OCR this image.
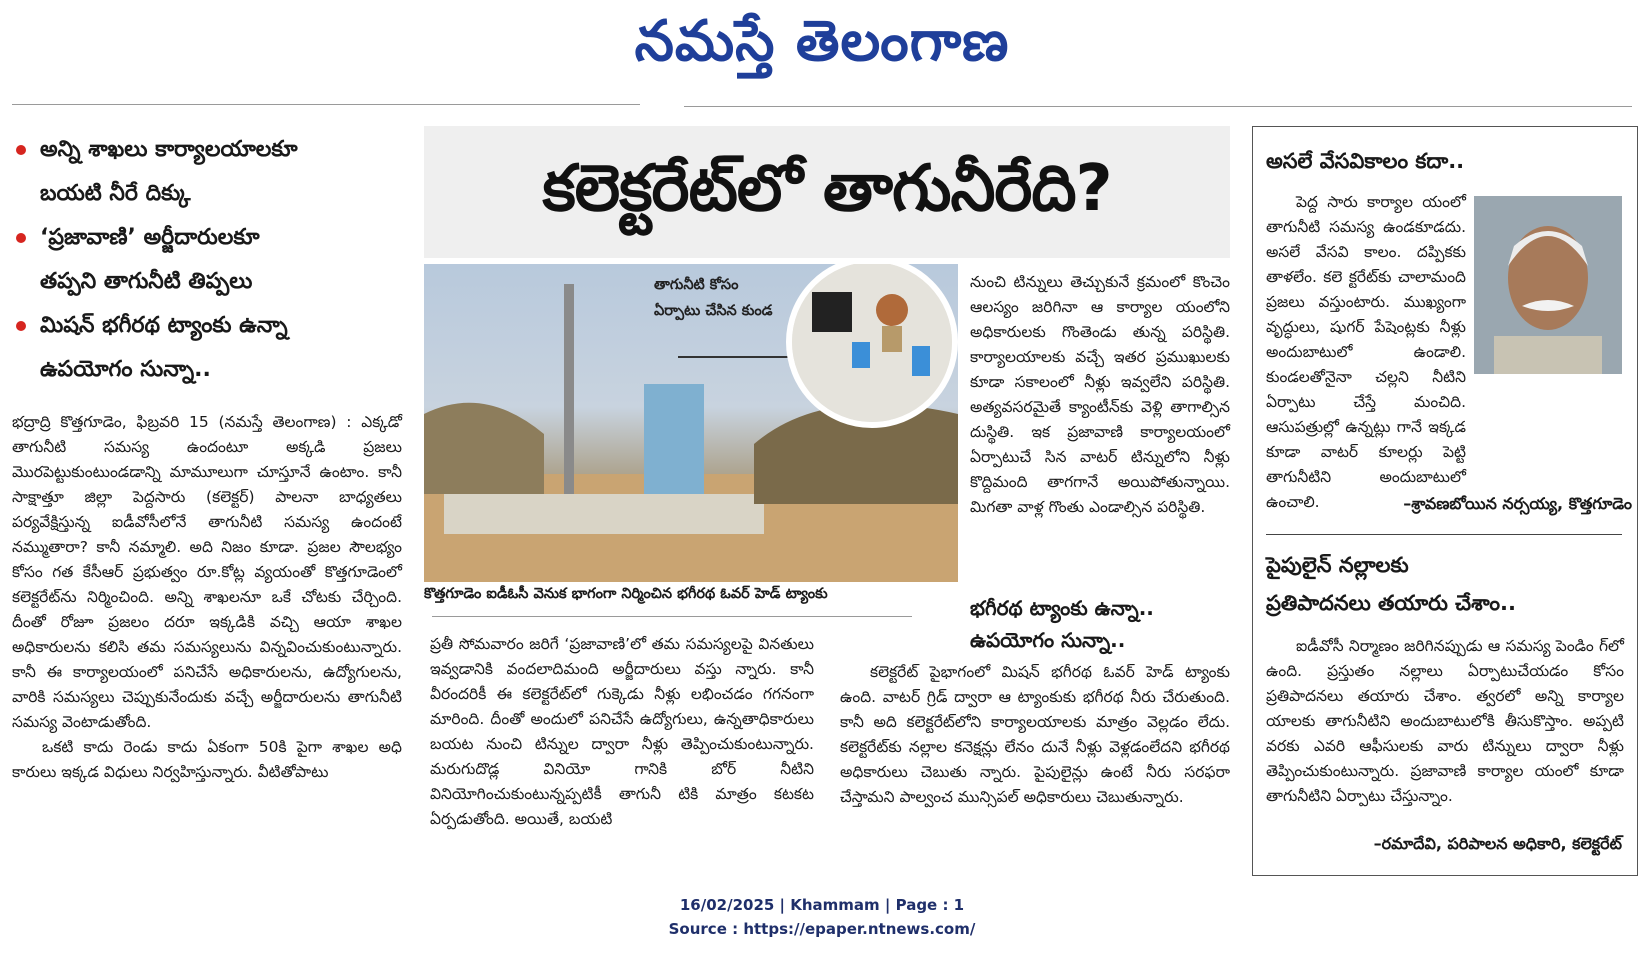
నమస్తే తెలంగాణ
అన్ని శాఖలు కార్యాలయాలకూ
బయటి నీరే దిక్కు
‘ప్రజావాణి’ అర్జీదారులకూ
తప్పని తాగునీటి తిప్పలు
మిషన్ భగీరథ ట్యాంకు ఉన్నా
ఉపయోగం సున్నా..

భద్రాద్రి కొత్తగూడెం, ఫిబ్రవరి 15 (నమస్తే తెలంగాణ) : ఎక్కడో తాగునీటి సమస్య ఉందంటూ అక్కడి ప్రజలు మొరపెట్టుకుంటుండడాన్ని మామూలుగా చూస్తూనే ఉంటాం. కానీ సాక్షాత్తూ జిల్లా పెద్దసారు (కలెక్టర్) పాలనా బాధ్యతలు పర్యవేక్షిస్తున్న ఐడీవోసీలోనే తాగునీటి సమస్య ఉందంటే నమ్ముతారా? కానీ నమ్మాలి. అది నిజం కూడా. ప్రజల సౌలభ్యం కోసం గత కేసీఆర్ ప్రభుత్వం రూ.కోట్ల వ్యయంతో కొత్తగూడెంలో కలెక్టరేట్‌ను నిర్మించింది. అన్ని శాఖలనూ ఒకే చోటకు చేర్చింది. దీంతో రోజూ ప్రజలం దరూ ఇక్కడికి వచ్చి ఆయా శాఖల అధికారులను కలిసి తమ సమస్యలును విన్నవించుకుంటున్నారు. కానీ ఈ కార్యాలయంలో పనిచేసే అధికారులను, ఉద్యోగులను, వారికి సమస్యలు చెప్పుకునేందుకు వచ్చే అర్జీదారులను తాగునీటి సమస్య వెంటాడుతోంది.

ఒకటి కాదు రెండు కాదు ఏకంగా 50కి పైగా శాఖల అధి కారులు ఇక్కడ విధులు నిర్వహిస్తున్నారు. వీటితోపాటు

కలెక్టరేట్‌లో తాగునీరేది?
తాగునీటి కోసం ఏర్పాటు చేసిన కుండ
కొత్తగూడెం ఐడీఓసీ వెనుక భాగంగా నిర్మించిన భగీరథ ఓవర్ హెడ్ ట్యాంకు

ప్రతీ సోమవారం జరిగే ‘ప్రజావాణి’లో తమ సమస్యలపై వినతులు ఇవ్వడానికి వందలాదిమంది అర్జీదారులు వస్తు న్నారు. కానీ వీరందరికీ ఈ కలెక్టరేట్‌లో గుక్కెడు నీళ్లు లభించడం గగనంగా మారింది. దీంతో అందులో పనిచేసే ఉద్యోగులు, ఉన్నతాధికారులు బయట నుంచి టిన్నుల ద్వారా నీళ్లు తెప్పించుకుంటున్నారు. మరుగుదొడ్ల వినియో గానికి బోర్ నీటిని వినియోగించుకుంటున్నప్పటికీ తాగునీ టికి మాత్రం కటకట ఏర్పడుతోంది. అయితే, బయటి

నుంచి టిన్నులు తెచ్చుకునే క్రమంలో కొంచెం ఆలస్యం జరిగినా ఆ కార్యాల యంలోని అధికారులకు గొంతెండు తున్న పరిస్థితి. కార్యాలయాలకు వచ్చే ఇతర ప్రముఖులకు కూడా సకాలంలో నీళ్లు ఇవ్వలేని పరిస్థితి. అత్యవసరమైతే క్యాంటీన్‌కు వెళ్లి తాగాల్సిన దుస్థితి. ఇక ప్రజావాణి కార్యాలయంలో ఏర్పాటుచే సిన వాటర్ టిన్నులోని నీళ్లు కొద్దిమంది తాగగానే అయిపోతున్నాయి. మిగతా వాళ్ల గొంతు ఎండాల్సిన పరిస్థితి.

భగీరథ ట్యాంకు ఉన్నా..
ఉపయోగం సున్నా..

కలెక్టరేట్ పైభాగంలో మిషన్ భగీరథ ఓవర్ హెడ్ ట్యాంకు ఉంది. వాటర్ గ్రిడ్ ద్వారా ఆ ట్యాంకుకు భగీరథ నీరు చేరుతుంది. కానీ అది కలెక్టరేట్‌లోని కార్యాలయాలకు మాత్రం వెల్లడం లేదు. కలెక్టరేట్‌కు నల్లాల కనెక్షన్లు లేనం దునే నీళ్లు వెళ్లడంలేదని భగీరథ అధికారులు చెబుతు న్నారు. పైపులైన్లు ఉంటే నీరు సరఫరా చేస్తామని పాల్వంచ మున్సిపల్ అధికారులు చెబుతున్నారు.

అసలే వేసవికాలం కదా..

పెద్ద సారు కార్యాల యంలో తాగునీటి సమస్య ఉండకూడదు. అసలే వేసవి కాలం. దప్పికకు తాళలేం. కలె క్టరేట్‌కు చాలామంది ప్రజలు వస్తుంటారు. ముఖ్యంగా వృద్ధులు, షుగర్ పేషెంట్లకు నీళ్లు అందుబాటులో ఉండాలి. కుండలతోనైనా చల్లని నీటిని ఏర్పాటు చేస్తే మంచిది. ఆసుపత్రుల్లో ఉన్నట్లు గానే ఇక్కడ కూడా వాటర్ కూలర్లు పెట్టి తాగునీటిని అందుబాటులో ఉంచాలి.	–శ్రావణబోయిన నర్సయ్య, కొత్తగూడెం
పైపులైన్ నల్లాలకు
ప్రతిపాదనలు తయారు చేశాం..

ఐడీవోసీ నిర్మాణం జరిగినప్పుడు ఆ సమస్య పెండిం గ్‌లో ఉంది. ప్రస్తుతం నల్లాలు ఏర్పాటుచేయడం కోసం ప్రతిపాదనలు తయారు చేశాం. త్వరలో అన్ని కార్యాల యాలకు తాగునీటిని అందుబాటులోకి తీసుకొస్తాం. అప్పటి వరకు ఎవరి ఆఫీసులకు వారు టిన్నులు ద్వారా నీళ్లు తెప్పించుకుంటున్నారు. ప్రజావాణి కార్యాల యంలో కూడా తాగునీటిని ఏర్పాటు చేస్తున్నాం.

–రమాదేవి, పరిపాలన అధికారి, కలెక్టరేట్
16/02/2025 | Khammam | Page : 1
Source : https://epaper.ntnews.com/
